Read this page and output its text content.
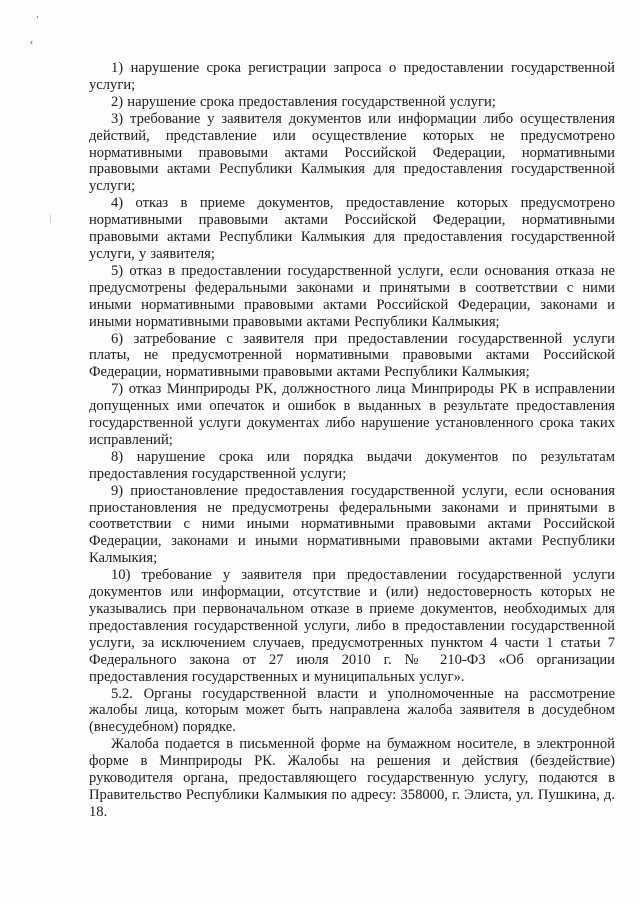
,
‹

1) нарушение срока регистрации запроса о предоставлении государственной услуги;

2) нарушение срока предоставления государственной услуги;

3) требование у заявителя документов или информации либо осуществления действий, представление или осуществление которых не предусмотрено нормативными правовыми актами Российской Федерации, нормативными правовыми актами Республики Калмыкия для предоставления государственной услуги;

4) отказ в приеме документов, предоставление которых предусмотрено нормативными правовыми актами Российской Федерации, нормативными правовыми актами Республики Калмыкия для предоставления государственной услуги, у заявителя;

5) отказ в предоставлении государственной услуги, если основания отказа не предусмотрены федеральными законами и принятыми в соответствии с ними иными нормативными правовыми актами Российской Федерации, законами и иными нормативными правовыми актами Республики Калмыкия;

6) затребование с заявителя при предоставлении государственной услуги платы, не предусмотренной нормативными правовыми актами Российской Федерации, нормативными правовыми актами Республики Калмыкия;

7) отказ Минприроды РК, должностного лица Минприроды РК в исправлении допущенных ими опечаток и ошибок в выданных в результате предоставления государственной услуги документах либо нарушение установленного срока таких исправлений;

8) нарушение срока или порядка выдачи документов по результатам предоставления государственной услуги;

9) приостановление предоставления государственной услуги, если основания приостановления не предусмотрены федеральными законами и принятыми в соответствии с ними иными нормативными правовыми актами Российской Федерации, законами и иными нормативными правовыми актами Республики Калмыкия;

10) требование у заявителя при предоставлении государственной услуги документов или информации, отсутствие и (или) недостоверность которых не указывались при первоначальном отказе в приеме документов, необходимых для предоставления государственной услуги, либо в предоставлении государственной услуги, за исключением случаев, предусмотренных пунктом 4 части 1 статьи 7 Федерального закона от 27 июля 2010 г. № 210-ФЗ «Об организации предоставления государственных и муниципальных услуг».

5.2. Органы государственной власти и уполномоченные на рассмотрение жалобы лица, которым может быть направлена жалоба заявителя в досудебном (внесудебном) порядке.

Жалоба подается в письменной форме на бумажном носителе, в электронной форме в Минприроды РК. Жалобы на решения и действия (бездействие) руководителя органа, предоставляющего государственную услугу, подаются в Правительство Республики Калмыкия по адресу: 358000, г. Элиста, ул. Пушкина, д. 18.
